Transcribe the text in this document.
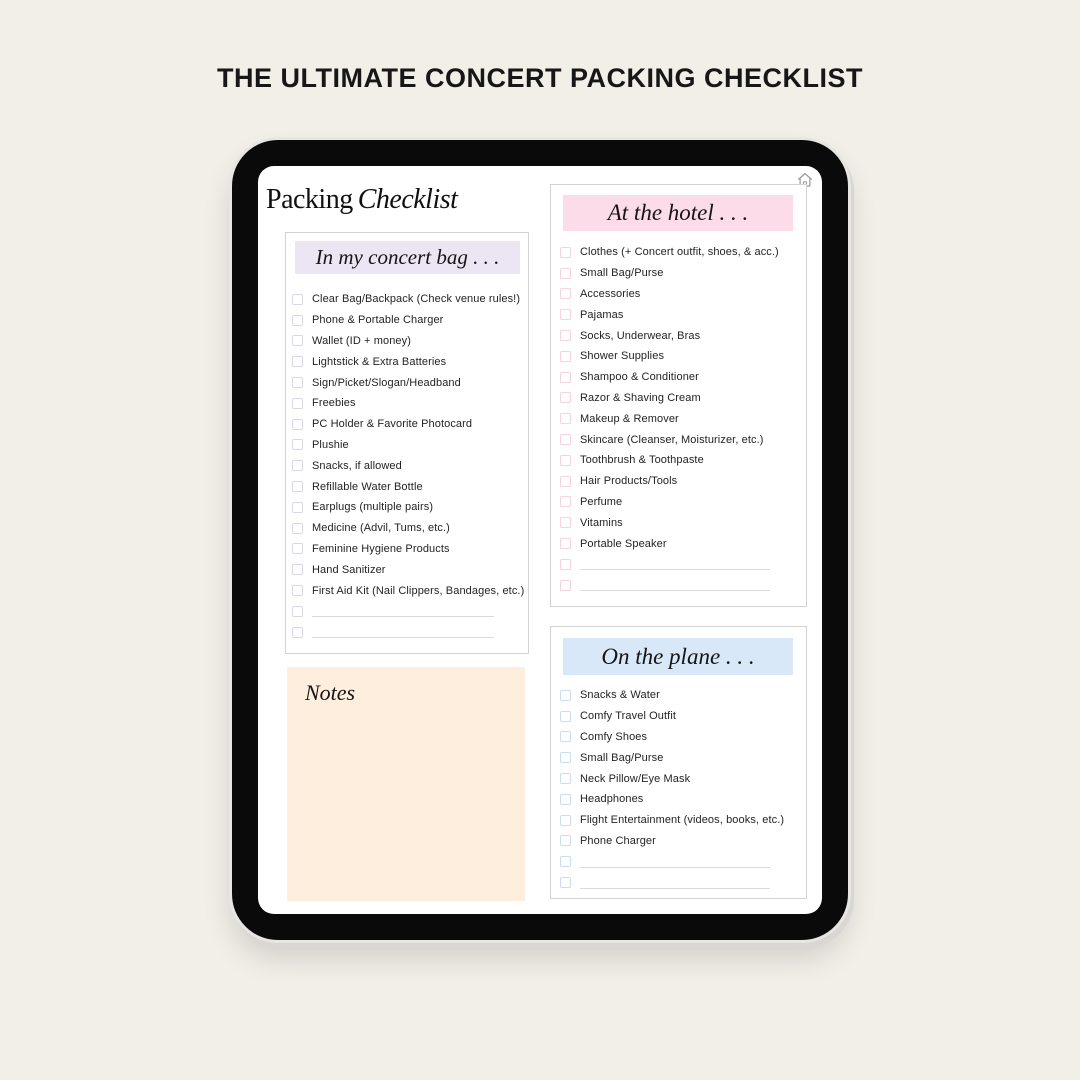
THE ULTIMATE CONCERT PACKING CHECKLIST
Packing Checklist
In my concert bag . . .
Clear Bag/Backpack (Check venue rules!)
Phone & Portable Charger
Wallet (ID + money)
Lightstick & Extra Batteries
Sign/Picket/Slogan/Headband
Freebies
PC Holder & Favorite Photocard
Plushie
Snacks, if allowed
Refillable Water Bottle
Earplugs (multiple pairs)
Medicine (Advil, Tums, etc.)
Feminine Hygiene Products
Hand Sanitizer
First Aid Kit (Nail Clippers, Bandages, etc.)
Notes
At the hotel . . .
Clothes (+ Concert outfit, shoes, & acc.)
Small Bag/Purse
Accessories
Pajamas
Socks, Underwear, Bras
Shower Supplies
Shampoo & Conditioner
Razor & Shaving Cream
Makeup & Remover
Skincare (Cleanser, Moisturizer, etc.)
Toothbrush & Toothpaste
Hair Products/Tools
Perfume
Vitamins
Portable Speaker
On the plane . . .
Snacks & Water
Comfy Travel Outfit
Comfy Shoes
Small Bag/Purse
Neck Pillow/Eye Mask
Headphones
Flight Entertainment (videos, books, etc.)
Phone Charger
